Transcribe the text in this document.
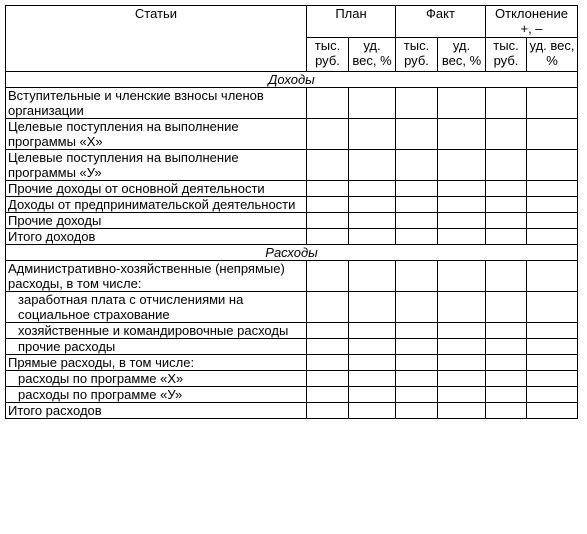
Статьи	План		Факт		Отклонение +, –	
	тыс. руб.	уд. вес, %	тыс. руб.	уд. вес, %	тыс. руб.	уд. вес, %
Доходы						
Вступительные и членские взносы членов организации						
Целевые поступления на выполнение программы «Х»						
Целевые поступления на выполнение программы «У»						
Прочие доходы от основной деятельности						
Доходы от предпринимательской деятельности						
Прочие доходы						
Итого доходов						
Расходы						
Административно-хозяйственные (непрямые) расходы, в том числе:						
заработная плата с отчислениями на социальное страхование						
хозяйственные и командировочные расходы						
прочие расходы						
Прямые расходы, в том числе:						
расходы по программе «Х»						
расходы по программе «У»						
Итого расходов						
